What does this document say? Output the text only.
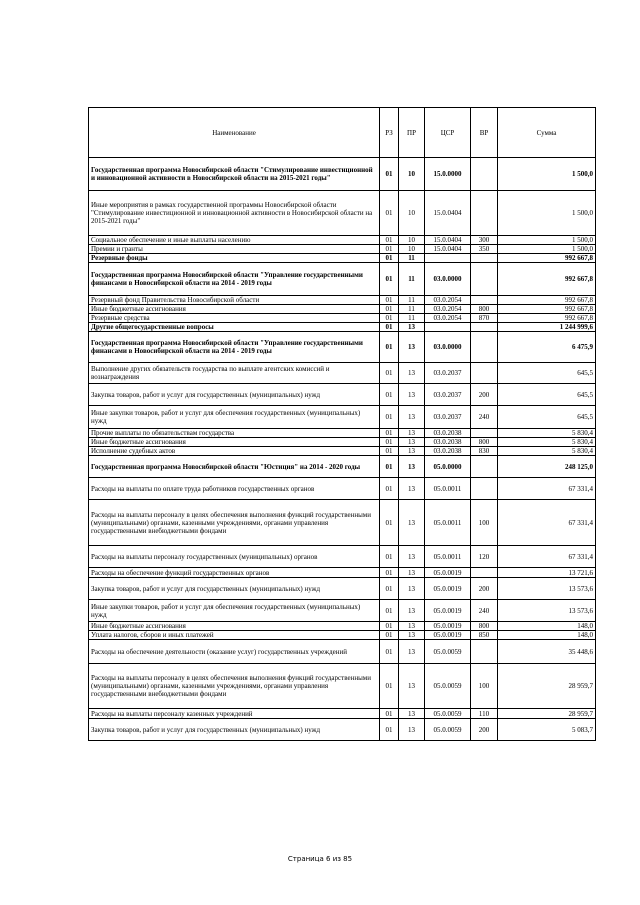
Наименование	РЗ	ПР	ЦСР	ВР	Сумма
Государственная программа Новосибирской области "Стимулирование инвестиционной и инновационной активности в Новосибирской области на 2015-2021 годы"	01	10	15.0.0000		1 500,0
Иные мероприятия в рамках государственной программы Новосибирской области "Стимулирование инвестиционной и инновационной активности в Новосибирской области на 2015-2021 годы"	01	10	15.0.0404		1 500,0
Социальное обеспечение и иные выплаты населению	01	10	15.0.0404	300	1 500,0
Премии и гранты	01	10	15.0.0404	350	1 500,0
Резервные фонды	01	11			992 667,8
Государственная программа Новосибирской области "Управление государственными финансами в Новосибирской области на 2014 - 2019 годы	01	11	03.0.0000		992 667,8
Резервный фонд Правительства Новосибирской области	01	11	03.0.2054		992 667,8
Иные бюджетные ассигнования	01	11	03.0.2054	800	992 667,8
Резервные средства	01	11	03.0.2054	870	992 667,8
Другие общегосударственные вопросы	01	13			1 244 999,6
Государственная программа Новосибирской области "Управление государственными финансами в Новосибирской области на 2014 - 2019 годы	01	13	03.0.0000		6 475,9
Выполнение других обязательств государства по выплате агентских комиссий и вознаграждения	01	13	03.0.2037		645,5
Закупка товаров, работ и услуг для государственных (муниципальных) нужд	01	13	03.0.2037	200	645,5
Иные закупки товаров, работ и услуг для обеспечения государственных (муниципальных) нужд	01	13	03.0.2037	240	645,5
Прочие выплаты по обязательствам государства	01	13	03.0.2038		5 830,4
Иные бюджетные ассигнования	01	13	03.0.2038	800	5 830,4
Исполнение судебных актов	01	13	03.0.2038	830	5 830,4
Государственная программа Новосибирской области "Юстиция" на 2014 - 2020 годы	01	13	05.0.0000		248 125,0
Расходы на выплаты по оплате труда работников государственных органов	01	13	05.0.0011		67 331,4
Расходы на выплаты персоналу в целях обеспечения выполнения функций государственными (муниципальными) органами, казенными учреждениями, органами управления государственными внебюджетными фондами	01	13	05.0.0011	100	67 331,4
Расходы на выплаты персоналу государственных (муниципальных) органов	01	13	05.0.0011	120	67 331,4
Расходы на обеспечение функций государственных органов	01	13	05.0.0019		13 721,6
Закупка товаров, работ и услуг для государственных (муниципальных) нужд	01	13	05.0.0019	200	13 573,6
Иные закупки товаров, работ и услуг для обеспечения государственных (муниципальных) нужд	01	13	05.0.0019	240	13 573,6
Иные бюджетные ассигнования	01	13	05.0.0019	800	148,0
Уплата налогов, сборов и иных платежей	01	13	05.0.0019	850	148,0
Расходы на обеспечение деятельности (оказание услуг) государственных учреждений	01	13	05.0.0059		35 448,6
Расходы на выплаты персоналу в целях обеспечения выполнения функций государственными (муниципальными) органами, казенными учреждениями, органами управления государственными внебюджетными фондами	01	13	05.0.0059	100	28 959,7
Расходы на выплаты персоналу казенных учреждений	01	13	05.0.0059	110	28 959,7
Закупка товаров, работ и услуг для государственных (муниципальных) нужд	01	13	05.0.0059	200	5 083,7
Страница 6 из 85
